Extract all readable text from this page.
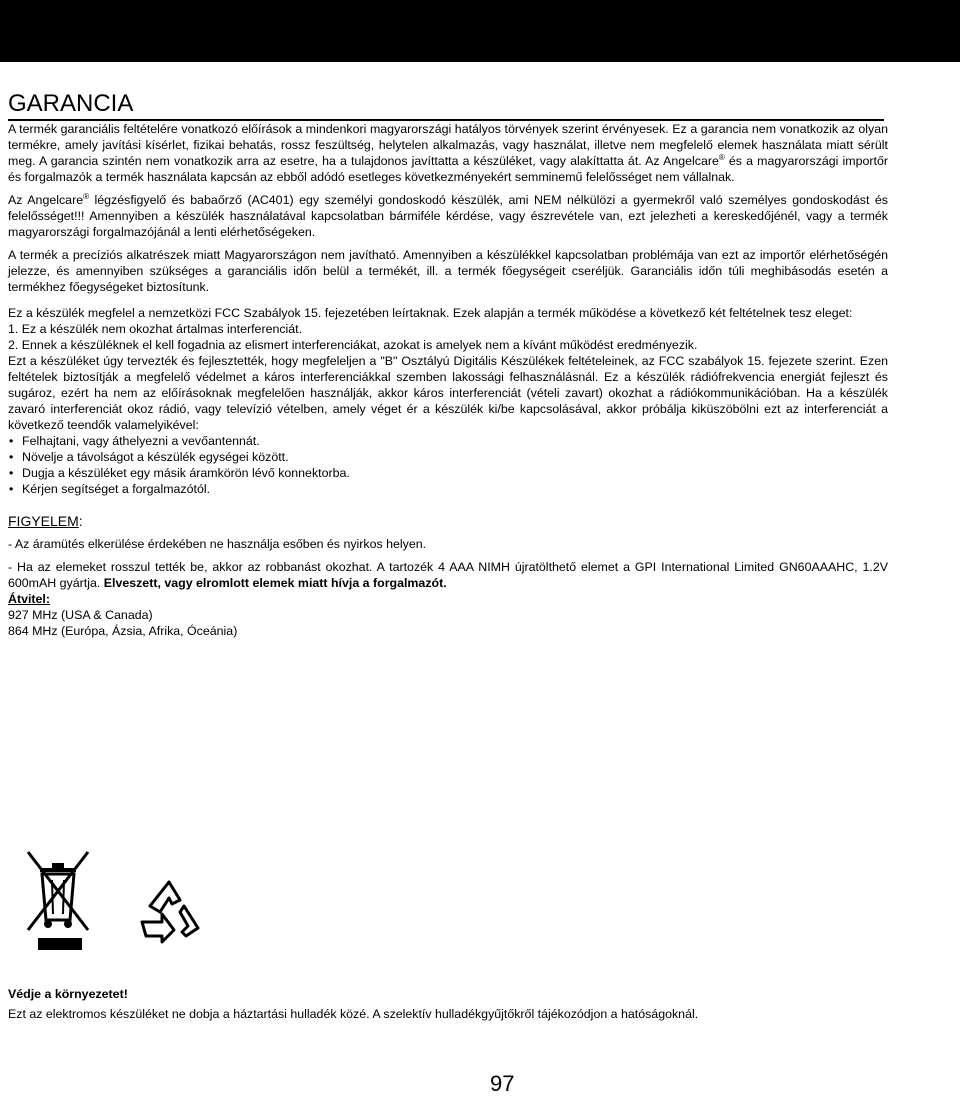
GARANCIA

A termék garanciális feltételére vonatkozó előírások a mindenkori magyarországi hatályos törvények szerint érvényesek. Ez a garancia nem vonatkozik az olyan termékre, amely javítási kísérlet, fizikai behatás, rossz feszültség, helytelen alkalmazás, vagy használat, illetve nem megfelelő elemek használata miatt sérült meg. A garancia szintén nem vonatkozik arra az esetre, ha a tulajdonos javíttatta a készüléket, vagy alakíttatta át. Az Angelcare® és a magyarországi importőr és forgalmazók a termék használata kapcsán az ebből adódó esetleges következményekért semminemű felelősséget nem vállalnak.

Az Angelcare® légzésfigyelő és babaőrző (AC401) egy személyi gondoskodó készülék, ami NEM nélkülözi a gyermekről való személyes gondoskodást és felelősséget!!! Amennyiben a készülék használatával kapcsolatban bármiféle kérdése, vagy észrevétele van, ezt jelezheti a kereskedőjénél, vagy a termék magyarországi forgalmazójánál a lenti elérhetőségeken.

A termék a precíziós alkatrészek miatt Magyarországon nem javítható. Amennyiben a készülékkel kapcsolatban problémája van ezt az importőr elérhetőségén jelezze, és amennyiben szükséges a garanciális időn belül a termékét, ill. a termék főegységeit cseréljük. Garanciális időn túli meghibásodás esetén a termékhez főegységeket biztosítunk.

Ez a készülék megfelel a nemzetközi FCC Szabályok 15. fejezetében leírtaknak. Ezek alapján a termék működése a következő két feltételnek tesz eleget:

1. Ez a készülék nem okozhat ártalmas interferenciát.

2. Ennek a készüléknek el kell fogadnia az elismert interferenciákat, azokat is amelyek nem a kívánt működést eredményezik.

Ezt a készüléket úgy tervezték és fejlesztették, hogy megfeleljen a "B" Osztályú Digitális Készülékek feltételeinek, az FCC szabályok 15. fejezete szerint. Ezen feltételek biztosítják a megfelelő védelmet a káros interferenciákkal szemben lakossági felhasználásnál. Ez a készülék rádiófrekvencia energiát fejleszt és sugároz, ezért ha nem az előírásoknak megfelelően használják, akkor káros interferenciát (vételi zavart) okozhat a rádiókommunikációban. Ha a készülék zavaró interferenciát okoz rádió, vagy televízió vételben, amely véget ér a készülék ki/be kapcsolásával, akkor próbálja kiküszöbölni ezt az interferenciát a következő teendők valamelyikével:

• Felhajtani, vagy áthelyezni a vevőantennát.
• Növelje a távolságot a készülék egységei között.
• Dugja a készüléket egy másik áramkörön lévő konnektorba.
• Kérjen segítséget a forgalmazótól.
FIGYELEM:

- Az áramütés elkerülése érdekében ne használja esőben és nyirkos helyen.

- Ha az elemeket rosszul tették be, akkor az robbanást okozhat. A tartozék 4 AAA NIMH újratölthető elemet a GPI International Limited GN60AAAHC, 1.2V 600mAH gyártja. Elveszett, vagy elromlott elemek miatt hívja a forgalmazót.

Átvitel:

927 MHz (USA & Canada)

864 MHz (Európa, Ázsia, Afrika, Óceánia)

Védje a környezetet!

Ezt az elektromos készüléket ne dobja a háztartási hulladék közé. A szelektív hulladékgyűjtőkről tájékozódjon a hatóságoknál.

97
